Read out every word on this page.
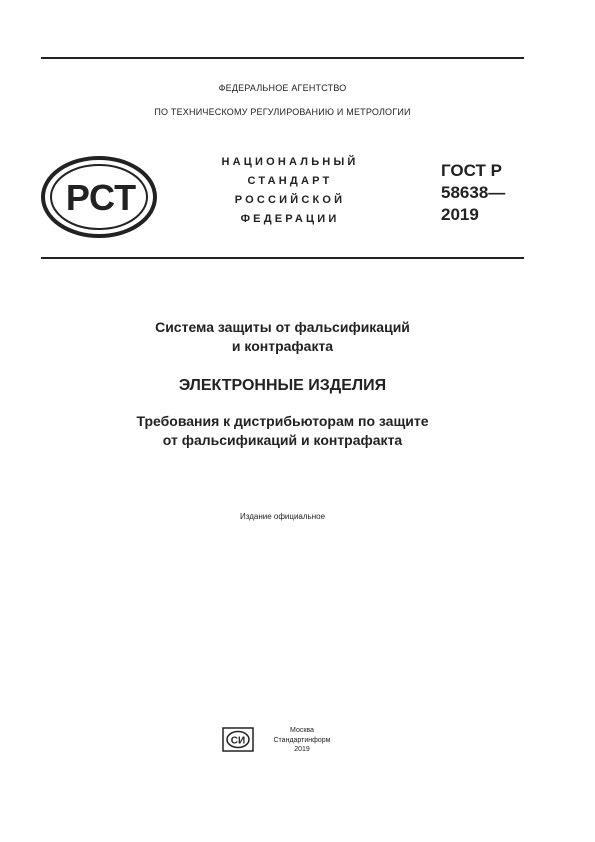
ФЕДЕРАЛЬНОЕ АГЕНТСТВО
ПО ТЕХНИЧЕСКОМУ РЕГУЛИРОВАНИЮ И МЕТРОЛОГИИ
РСТ
НАЦИОНАЛЬНЫЙ
СТАНДАРТ
РОССИЙСКОЙ
ФЕДЕРАЦИИ
ГОСТ Р
58638—
2019
Система защиты от фальсификаций
и контрафакта
ЭЛЕКТРОННЫЕ ИЗДЕЛИЯ
Требования к дистрибьюторам по защите
от фальсификаций и контрафакта
Издание официальное
СИ
Москва
Стандартинформ
2019
